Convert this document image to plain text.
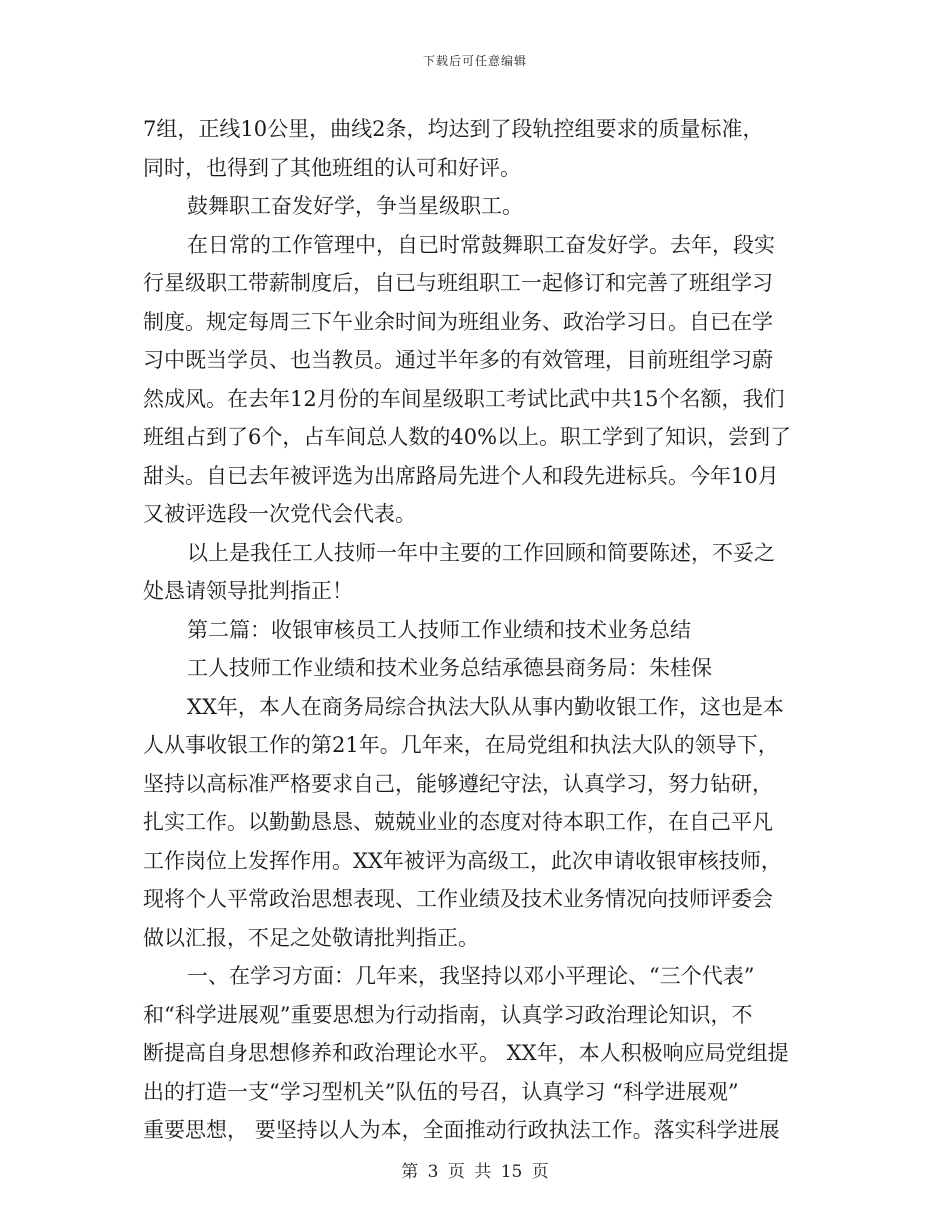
下载后可任意编辑
7组，正线10公里，曲线2条，均达到了段轨控组要求的质量标准，
同时，也得到了其他班组的认可和好评。
鼓舞职工奋发好学，争当星级职工。
在日常的工作管理中，自已时常鼓舞职工奋发好学。去年，段实
行星级职工带薪制度后，自已与班组职工一起修订和完善了班组学习
制度。规定每周三下午业余时间为班组业务、政治学习日。自已在学
习中既当学员、也当教员。通过半年多的有效管理，目前班组学习蔚
然成风。在去年12月份的车间星级职工考试比武中共15个名额，我们
班组占到了6个，占车间总人数的40%以上。职工学到了知识，尝到了
甜头。自已去年被评选为出席路局先进个人和段先进标兵。今年10月
又被评选段一次党代会代表。
以上是我任工人技师一年中主要的工作回顾和简要陈述，不妥之
处恳请领导批判指正！
第二篇：收银审核员工人技师工作业绩和技术业务总结
工人技师工作业绩和技术业务总结承德县商务局：朱桂保
XX年，本人在商务局综合执法大队从事内勤收银工作，这也是本
人从事收银工作的第21年。几年来，在局党组和执法大队的领导下，
坚持以高标准严格要求自己，能够遵纪守法，认真学习，努力钻研，
扎实工作。以勤勤恳恳、兢兢业业的态度对待本职工作，在自己平凡
工作岗位上发挥作用。XX年被评为高级工，此次申请收银审核技师，
现将个人平常政治思想表现、工作业绩及技术业务情况向技师评委会
做以汇报，不足之处敬请批判指正。
一、在学习方面：几年来，我坚持以邓小平理论、“三个代表”
和“科学进展观”重要思想为行动指南，认真学习政治理论知识，不
断提高自身思想修养和政治理论水平。 XX年，本人积极响应局党组提
出的打造一支“学习型机关”队伍的号召，认真学习 “科学进展观”
重要思想， 要坚持以人为本，全面推动行政执法工作。落实科学进展
第 3 页 共 15 页
